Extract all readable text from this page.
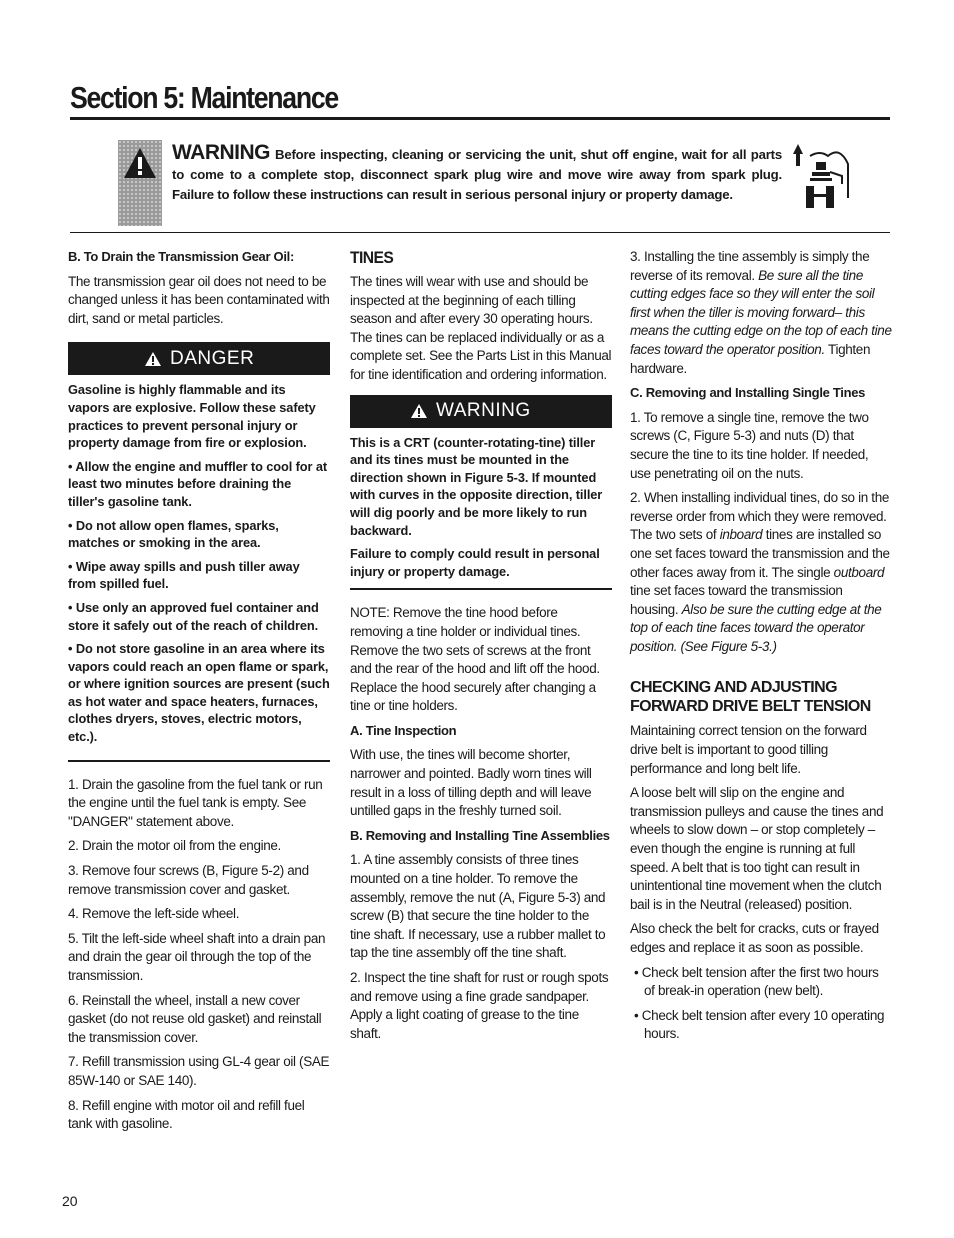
Section 5: Maintenance

WARNING Before inspecting, cleaning or servicing the unit, shut off engine, wait for all parts to come to a complete stop, disconnect spark plug wire and move wire away from spark plug. Failure to follow these instructions can result in serious personal injury or property damage.

B. To Drain the Transmission Gear Oil:

The transmission gear oil does not need to be changed unless it has been contaminated with dirt, sand or metal particles.

DANGER

Gasoline is highly flammable and its vapors are explosive. Follow these safety practices to prevent personal injury or property damage from fire or explosion.

• Allow the engine and muffler to cool for at least two minutes before draining the tiller's gasoline tank.

• Do not allow open flames, sparks, matches or smoking in the area.

• Wipe away spills and push tiller away from spilled fuel.

• Use only an approved fuel container and store it safely out of the reach of children.

• Do not store gasoline in an area where its vapors could reach an open flame or spark, or where ignition sources are present (such as hot water and space heaters, furnaces, clothes dryers, stoves, electric motors, etc.).

1. Drain the gasoline from the fuel tank or run the engine until the fuel tank is empty. See "DANGER" statement above.

2. Drain the motor oil from the engine.

3. Remove four screws (B, Figure 5-2) and remove transmission cover and gasket.

4. Remove the left-side wheel.

5. Tilt the left-side wheel shaft into a drain pan and drain the gear oil through the top of the transmission.

6. Reinstall the wheel, install a new cover gasket (do not reuse old gasket) and reinstall the transmission cover.

7. Refill transmission using GL-4 gear oil (SAE 85W-140 or SAE 140).

8. Refill engine with motor oil and refill fuel tank with gasoline.

TINES

The tines will wear with use and should be inspected at the beginning of each tilling season and after every 30 operating hours. The tines can be replaced individually or as a complete set. See the Parts List in this Manual for tine identification and ordering information.

WARNING

This is a CRT (counter-rotating-tine) tiller and its tines must be mounted in the direction shown in Figure 5-3. If mounted with curves in the opposite direction, tiller will dig poorly and be more likely to run backward.

Failure to comply could result in personal injury or property damage.

NOTE: Remove the tine hood before removing a tine holder or individual tines. Remove the two sets of screws at the front and the rear of the hood and lift off the hood. Replace the hood securely after changing a tine or tine holders.

A. Tine Inspection

With use, the tines will become shorter, narrower and pointed. Badly worn tines will result in a loss of tilling depth and will leave untilled gaps in the freshly turned soil.

B. Removing and Installing Tine Assemblies

1. A tine assembly consists of three tines mounted on a tine holder. To remove the assembly, remove the nut (A, Figure 5-3) and screw (B) that secure the tine holder to the tine shaft. If necessary, use a rubber mallet to tap the tine assembly off the tine shaft.

2. Inspect the tine shaft for rust or rough spots and remove using a fine grade sandpaper. Apply a light coating of grease to the tine shaft.

3. Installing the tine assembly is simply the reverse of its removal. Be sure all the tine cutting edges face so they will enter the soil first when the tiller is moving forward– this means the cutting edge on the top of each tine faces toward the operator position. Tighten hardware.

C. Removing and Installing Single Tines

1. To remove a single tine, remove the two screws (C, Figure 5-3) and nuts (D) that secure the tine to its tine holder. If needed, use penetrating oil on the nuts.

2. When installing individual tines, do so in the reverse order from which they were removed. The two sets of inboard tines are installed so one set faces toward the transmission and the other faces away from it. The single outboard tine set faces toward the transmission housing. Also be sure the cutting edge at the top of each tine faces toward the operator position. (See Figure 5-3.)

CHECKING AND ADJUSTING FORWARD DRIVE BELT TENSION

Maintaining correct tension on the forward drive belt is important to good tilling performance and long belt life.

A loose belt will slip on the engine and transmission pulleys and cause the tines and wheels to slow down – or stop completely – even though the engine is running at full speed. A belt that is too tight can result in unintentional tine movement when the clutch bail is in the Neutral (released) position.

Also check the belt for cracks, cuts or frayed edges and replace it as soon as possible.

• Check belt tension after the first two hours of break-in operation (new belt).

• Check belt tension after every 10 operating hours.

20
